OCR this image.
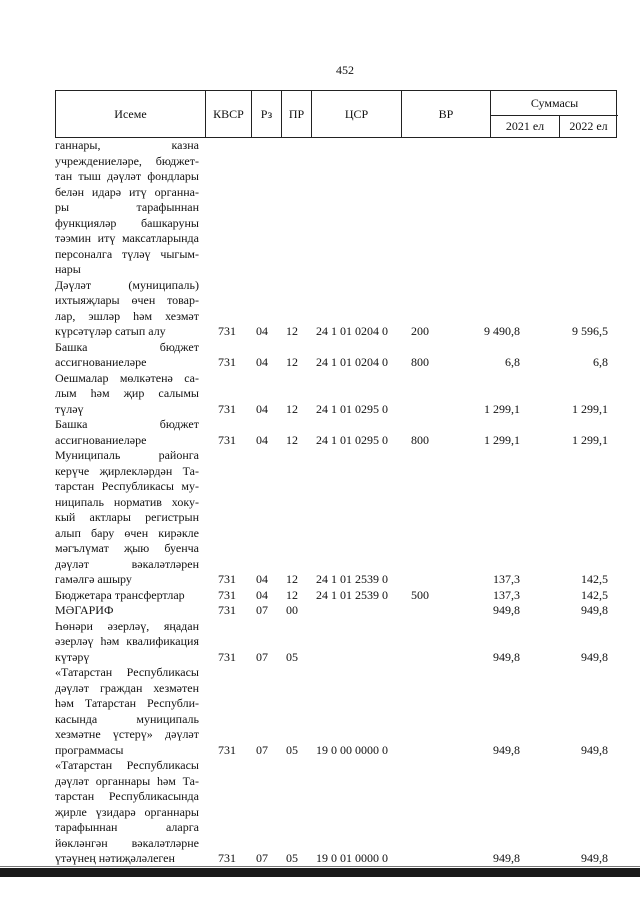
452
Исеме	КВСР	Рз	ПР	ЦСР	ВР
Суммасы
2021 ел	2022 ел
ганнары, казна
учреждениеләре, бюджет-
тан тыш дәүләт фондлары
белән идарә итү органна-
ры тарафыннан
функцияләр башкаруны
тәэмин итү максатларында
персоналга түләү чыгым-
нары
Дәүләт (муниципаль)
ихтыяҗлары өчен товар-
лар, эшләр һәм хезмәт
күрсәтүләр сатып алу	731 04 12 24 1 01 0204 0 200	9 490,8	9 596,5
Башка бюджет
ассигнованиеләре	731 04 12 24 1 01 0204 0 800	6,8	6,8
Оешмалар мөлкәтенә са-
лым һәм җир салымы
түләү	731 04 12 24 1 01 0295 0	1 299,1	1 299,1
Башка бюджет
ассигнованиеләре	731 04 12 24 1 01 0295 0 800	1 299,1	1 299,1
Муниципаль районга
керүче җирлекләрдән Та-
тарстан Республикасы му-
ниципаль норматив хоку-
кый актлары регистрын
алып бару өчен кирәкле
мәгълүмат җыю буенча
дәүләт вәкаләтләрен
гамәлгә ашыру	731 04 12 24 1 01 2539 0	137,3	142,5
Бюджетара трансфертлар	731 04 12 24 1 01 2539 0 500	137,3	142,5
МӘГАРИФ	731 07 00	949,8	949,8
Һөнәри әзерләү, яңадан
әзерләү һәм квалификация
күтәрү	731 07 05	949,8	949,8
«Татарстан Республикасы
дәүләт граждан хезмәтен
һәм Татарстан Республи-
касында муниципаль
хезмәтне үстерү» дәүләт
программасы	731 07 05 19 0 00 0000 0	949,8	949,8
«Татарстан Республикасы
дәүләт органнары һәм Та-
тарстан Республикасында
җирле үзидарә органнары
тарафыннан аларга
йөкләнгән вәкаләтләрне
үтәүнең нәтиҗәләлеген	731 07 05 19 0 01 0000 0	949,8	949,8
